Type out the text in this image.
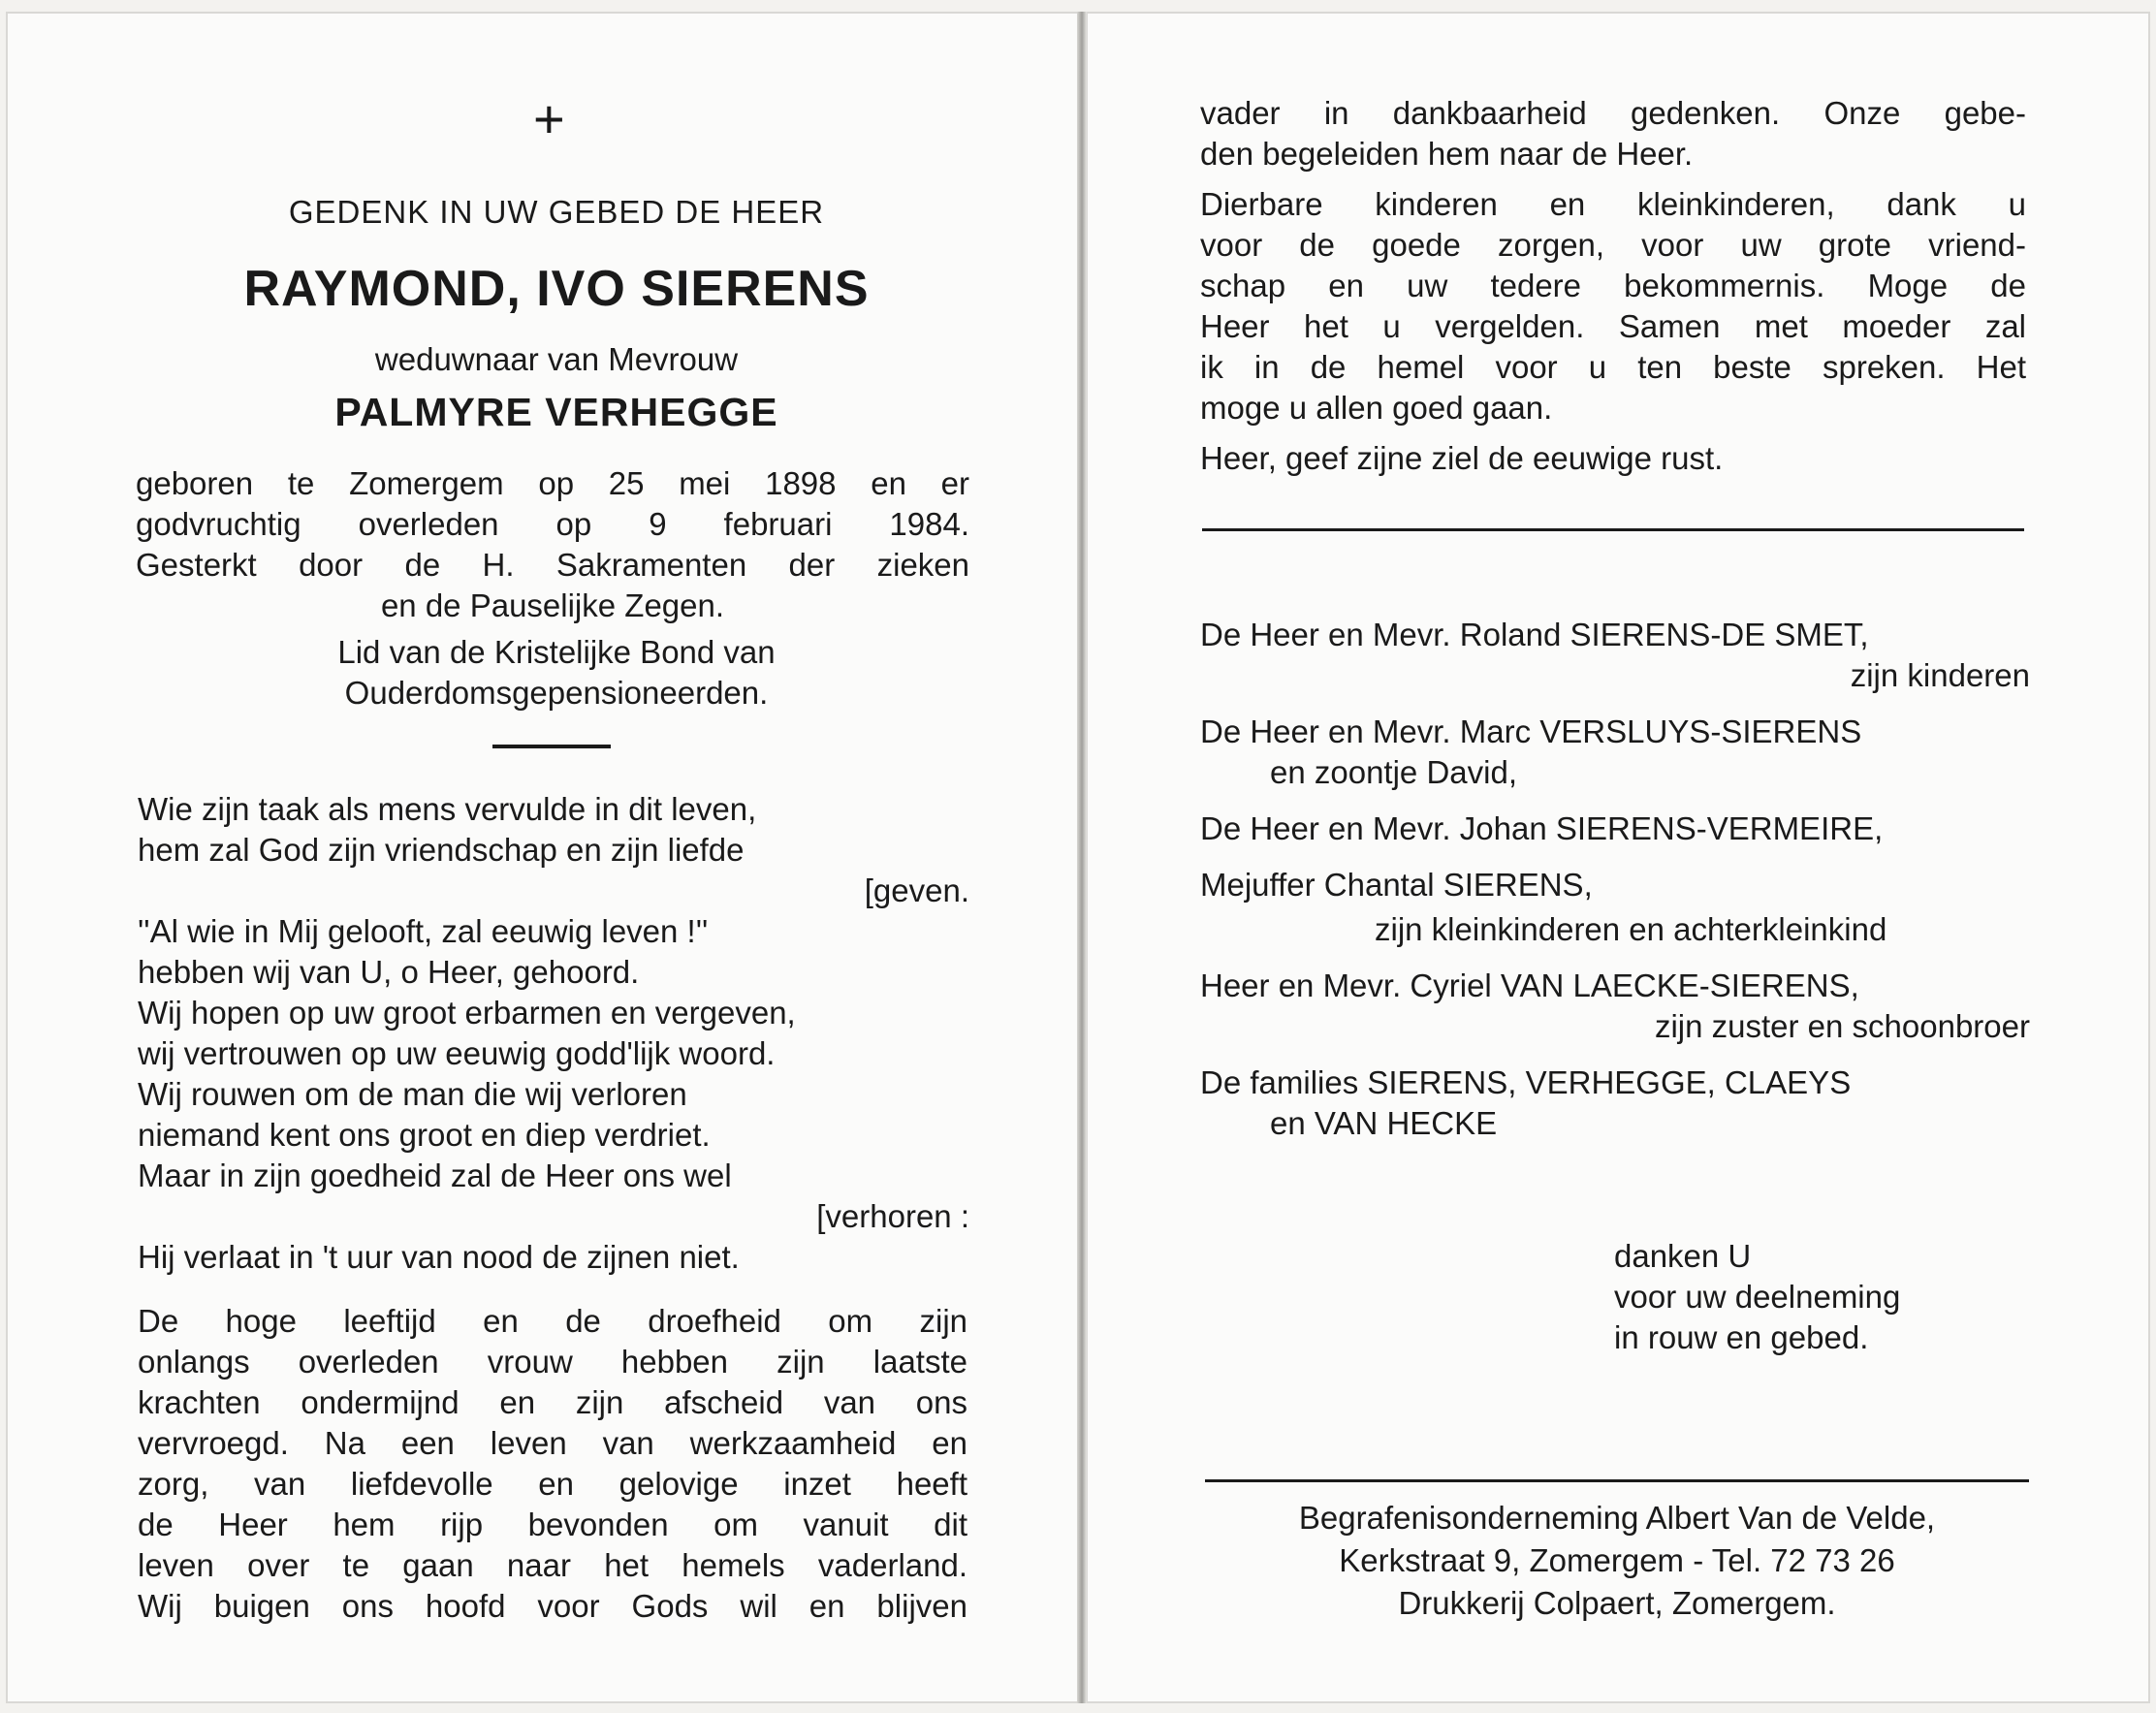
+
GEDENK IN UW GEBED DE HEER
RAYMOND, IVO SIERENS
weduwnaar van Mevrouw
PALMYRE VERHEGGE
geboren te Zomergem op 25 mei 1898 en er
godvruchtig overleden op 9 februari 1984.
Gesterkt door de H. Sakramenten der zieken
en de Pauselijke Zegen.
Lid van de Kristelijke Bond van
Ouderdomsgepensioneerden.
Wie zijn taak als mens vervulde in dit leven,
hem zal God zijn vriendschap en zijn liefde
[geven.
''Al wie in Mij gelooft, zal eeuwig leven !''
hebben wij van U, o Heer, gehoord.
Wij hopen op uw groot erbarmen en vergeven,
wij vertrouwen op uw eeuwig godd'lijk woord.
Wij rouwen om de man die wij verloren
niemand kent ons groot en diep verdriet.
Maar in zijn goedheid zal de Heer ons wel
[verhoren :
Hij verlaat in 't uur van nood de zijnen niet.
De hoge leeftijd en de droefheid om zijn
onlangs overleden vrouw hebben zijn laatste
krachten ondermijnd en zijn afscheid van ons
vervroegd. Na een leven van werkzaamheid en
zorg, van liefdevolle en gelovige inzet heeft
de Heer hem rijp bevonden om vanuit dit
leven over te gaan naar het hemels vaderland.
Wij buigen ons hoofd voor Gods wil en blijven
vader in dankbaarheid gedenken. Onze gebe-
den begeleiden hem naar de Heer.
Dierbare kinderen en kleinkinderen, dank u
voor de goede zorgen, voor uw grote vriend-
schap en uw tedere bekommernis. Moge de
Heer het u vergelden. Samen met moeder zal
ik in de hemel voor u ten beste spreken. Het
moge u allen goed gaan.
Heer, geef zijne ziel de eeuwige rust.
De Heer en Mevr. Roland SIERENS-DE SMET,
zijn kinderen
De Heer en Mevr. Marc VERSLUYS-SIERENS
en zoontje David,
De Heer en Mevr. Johan SIERENS-VERMEIRE,
Mejuffer Chantal SIERENS,
zijn kleinkinderen en achterkleinkind
Heer en Mevr. Cyriel VAN LAECKE-SIERENS,
zijn zuster en schoonbroer
De families SIERENS, VERHEGGE, CLAEYS
en VAN HECKE
danken U
voor uw deelneming
in rouw en gebed.
Begrafenisonderneming Albert Van de Velde,
Kerkstraat 9, Zomergem - Tel. 72 73 26
Drukkerij Colpaert, Zomergem.
